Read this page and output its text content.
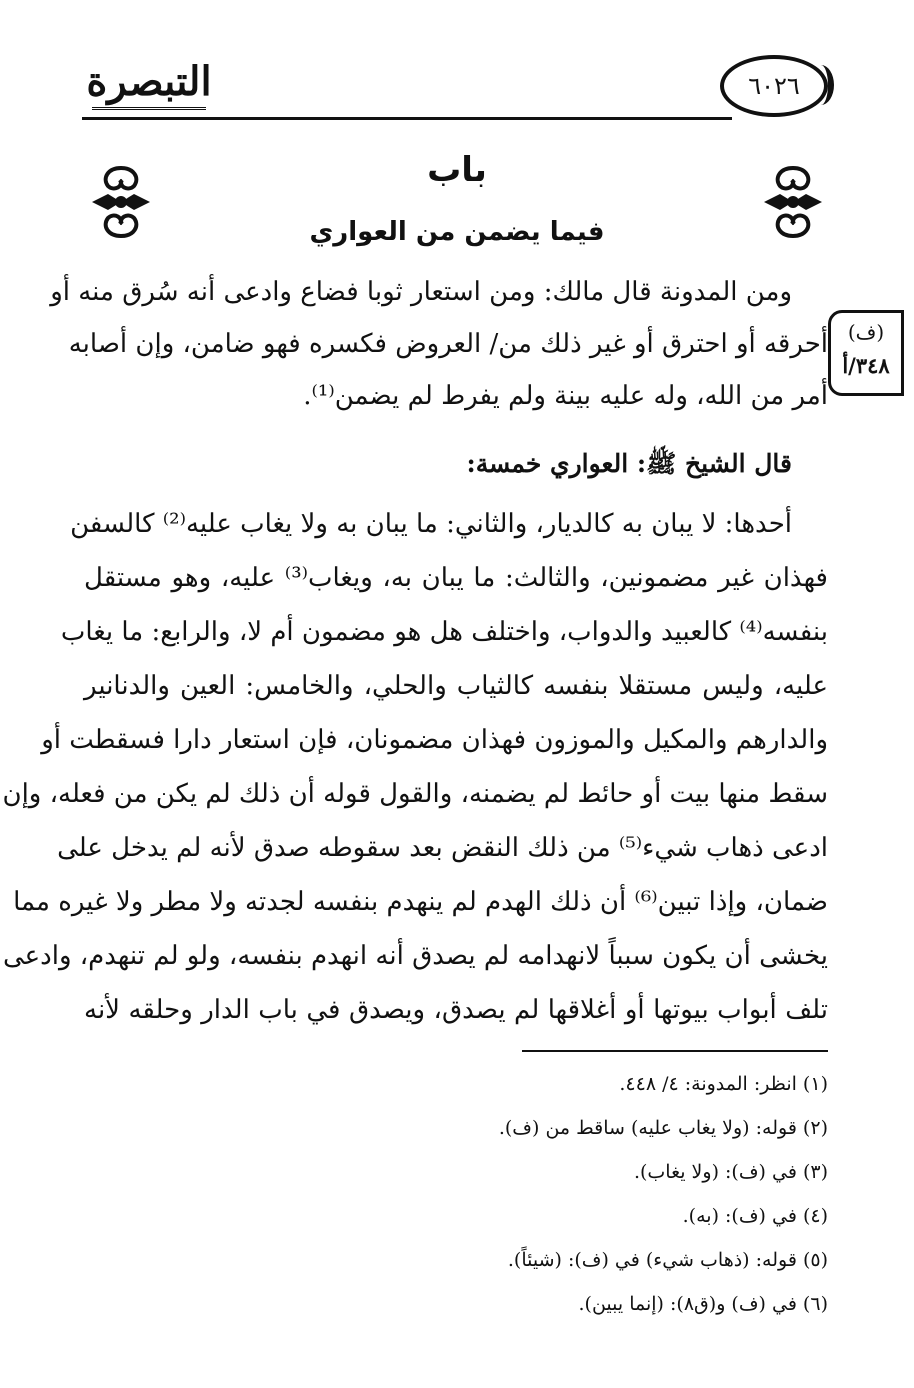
التبصرة	٦٠٢٦
باب
فيما يضمن من العواري
(ف)
٣٤٨/أ
ومن المدونة قال مالك: ومن استعار ثوبا فضاع وادعى أنه سُرق منه أو
أحرقه أو احترق أو غير ذلك من/ العروض فكسره فهو ضامن، وإن أصابه
أمر من الله، وله عليه بينة ولم يفرط لم يضمن⁽¹⁾.
قال الشيخ ﷺ: العواري خمسة:
أحدها: لا يبان به كالديار، والثاني: ما يبان به ولا يغاب عليه⁽²⁾ كالسفن
فهذان غير مضمونين، والثالث: ما يبان به، ويغاب⁽³⁾ عليه، وهو مستقل
بنفسه⁽⁴⁾ كالعبيد والدواب، واختلف هل هو مضمون أم لا، والرابع: ما يغاب
عليه، وليس مستقلا بنفسه كالثياب والحلي، والخامس: العين والدنانير
والدارهم والمكيل والموزون فهذان مضمونان، فإن استعار دارا فسقطت أو
سقط منها بيت أو حائط لم يضمنه، والقول قوله أن ذلك لم يكن من فعله، وإن
ادعى ذهاب شيء⁽⁵⁾ من ذلك النقض بعد سقوطه صدق لأنه لم يدخل على
ضمان، وإذا تبين⁽⁶⁾ أن ذلك الهدم لم ينهدم بنفسه لجدته ولا مطر ولا غيره مما
يخشى أن يكون سبباً لانهدامه لم يصدق أنه انهدم بنفسه، ولو لم تنهدم، وادعى
تلف أبواب بيوتها أو أغلاقها لم يصدق، ويصدق في باب الدار وحلقه لأنه
(١) انظر: المدونة: ٤/ ٤٤٨.
(٢) قوله: (ولا يغاب عليه) ساقط من (ف).
(٣) في (ف): (ولا يغاب).
(٤) في (ف): (به).
(٥) قوله: (ذهاب شيء) في (ف): (شيئاً).
(٦) في (ف) و(ق٨): (إنما يبين).
